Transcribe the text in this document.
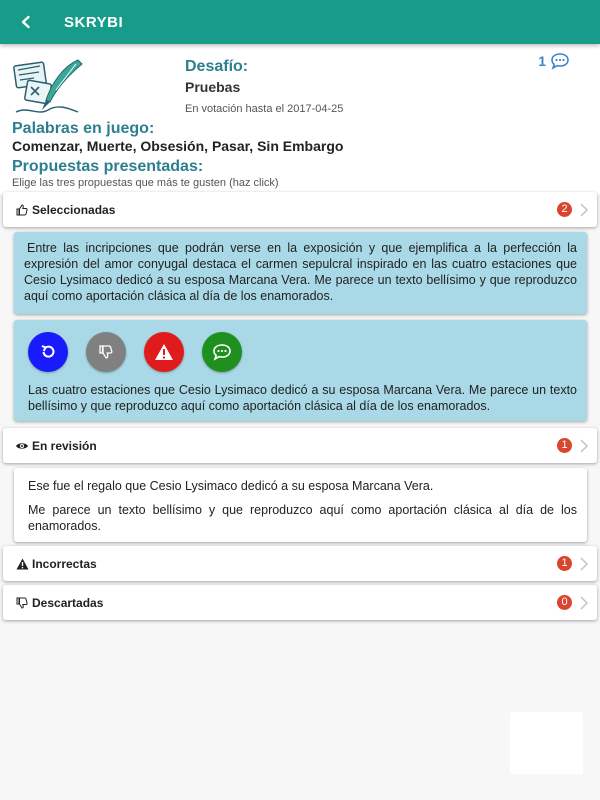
SKRYBI
Desafío:
Pruebas
En votación hasta el 2017-04-25
1
Palabras en juego:
Comenzar, Muerte, Obsesión, Pasar, Sin Embargo
Propuestas presentadas:
Elige las tres propuestas que más te gusten (haz click)
Seleccionadas	2

Entre las incripciones que podrán verse en la exposición y que ejemplifica a la perfección la expresión del amor conyugal destaca el carmen sepulcral inspirado en las cuatro estaciones que Cesio Lysimaco dedicó a su esposa Marcana Vera. Me parece un texto bellísimo y que reproduzco aquí como aportación clásica al día de los enamorados.

Las cuatro estaciones que Cesio Lysimaco dedicó a su esposa Marcana Vera. Me parece un texto bellísimo y que reproduzco aquí como aportación clásica al día de los enamorados.

En revisión	1

Ese fue el regalo que Cesio Lysimaco dedicó a su esposa Marcana Vera.

Me parece un texto bellísimo y que reproduzco aquí como aportación clásica al día de los enamorados.

Incorrectas	1
Descartadas	0
